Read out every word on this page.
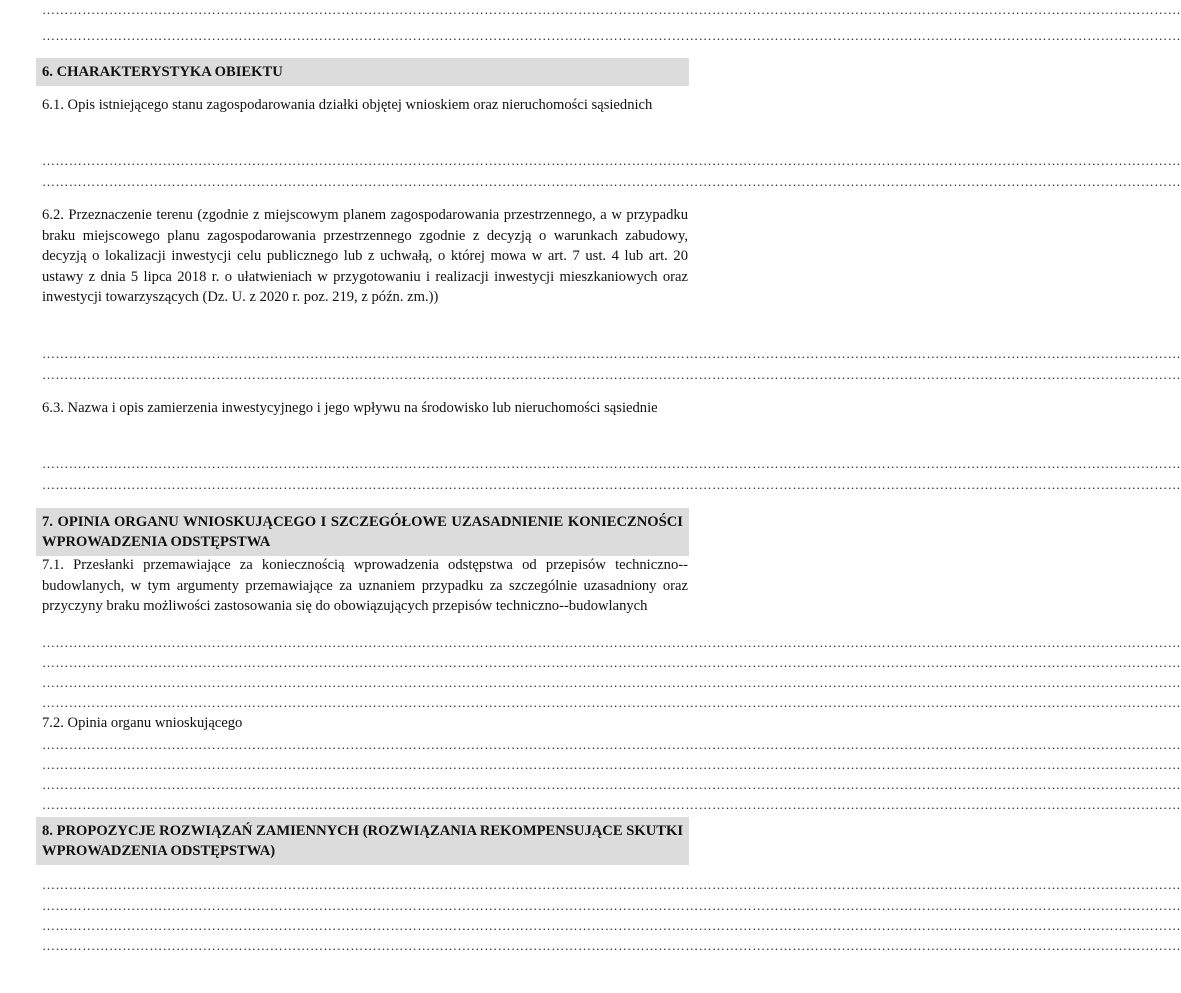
…………………………………………………………………………………………………………………………………………………………………………………………………………………………………
…………………………………………………………………………………………………………………………………………………………………………………………………………………………………
6. CHARAKTERYSTYKA OBIEKTU
6.1. Opis istniejącego stanu zagospodarowania działki objętej wnioskiem oraz nieruchomości sąsiednich
…………………………………………………………………………………………………………………………………………………………………………………………………………………………………
…………………………………………………………………………………………………………………………………………………………………………………………………………………………………
6.2. Przeznaczenie terenu (zgodnie z miejscowym planem zagospodarowania przestrzennego, a w przypadku braku miejscowego planu zagospodarowania przestrzennego zgodnie z decyzją o warunkach zabudowy, decyzją o lokalizacji inwestycji celu publicznego lub z uchwałą, o której mowa w art. 7 ust. 4 lub art. 20 ustawy z dnia 5 lipca 2018 r. o ułatwieniach w przygotowaniu i realizacji inwestycji mieszkaniowych oraz inwestycji towarzyszących (Dz. U. z 2020 r. poz. 219, z późn. zm.))
…………………………………………………………………………………………………………………………………………………………………………………………………………………………………
…………………………………………………………………………………………………………………………………………………………………………………………………………………………………
6.3. Nazwa i opis zamierzenia inwestycyjnego i jego wpływu na środowisko lub nieruchomości sąsiednie
…………………………………………………………………………………………………………………………………………………………………………………………………………………………………
…………………………………………………………………………………………………………………………………………………………………………………………………………………………………
7. OPINIA ORGANU WNIOSKUJĄCEGO I SZCZEGÓŁOWE UZASADNIENIE KONIECZNOŚCI WPROWADZENIA ODSTĘPSTWA
7.1. Przesłanki przemawiające za koniecznością wprowadzenia odstępstwa od przepisów techniczno--budowlanych, w tym argumenty przemawiające za uznaniem przypadku za szczególnie uzasadniony oraz przyczyny braku możliwości zastosowania się do obowiązujących przepisów techniczno--budowlanych
…………………………………………………………………………………………………………………………………………………………………………………………………………………………………
…………………………………………………………………………………………………………………………………………………………………………………………………………………………………
…………………………………………………………………………………………………………………………………………………………………………………………………………………………………
…………………………………………………………………………………………………………………………………………………………………………………………………………………………………
7.2. Opinia organu wnioskującego
…………………………………………………………………………………………………………………………………………………………………………………………………………………………………
…………………………………………………………………………………………………………………………………………………………………………………………………………………………………
…………………………………………………………………………………………………………………………………………………………………………………………………………………………………
…………………………………………………………………………………………………………………………………………………………………………………………………………………………………
8. PROPOZYCJE ROZWIĄZAŃ ZAMIENNYCH (ROZWIĄZANIA REKOMPENSUJĄCE SKUTKI WPROWADZENIA ODSTĘPSTWA)
…………………………………………………………………………………………………………………………………………………………………………………………………………………………………
…………………………………………………………………………………………………………………………………………………………………………………………………………………………………
…………………………………………………………………………………………………………………………………………………………………………………………………………………………………
…………………………………………………………………………………………………………………………………………………………………………………………………………………………………
